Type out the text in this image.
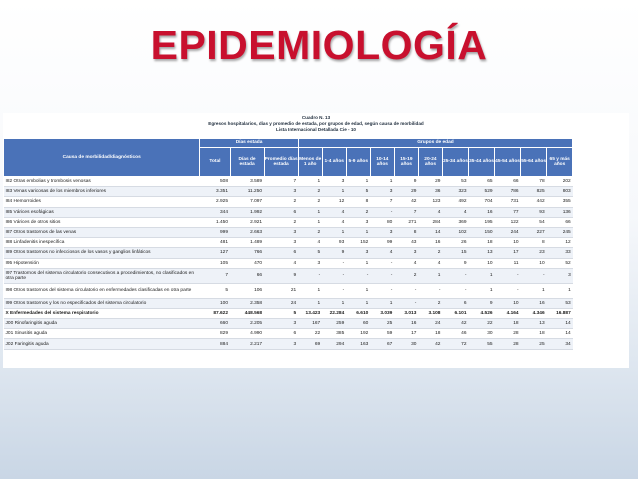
EPIDEMIOLOGÍA
Cuadro N. 13
Egresos hospitalarios, días y promedio de estada, por grupos de edad, según causa de morbilidad
Lista Internacional Detallada Cie - 10
Causa de morbilidad/diagnósticos	Días estada			Grupos de edad											
	Total	Días de estada	Promedio días estada	Menos de 1 año	1-4 años	5-9 años	10-14 años	15-19 años	20-24 años	25-34 años	35-44 años	45-54 años	55-64 años	65 y más años	
I82 Otras embolias y trombosis venosas	508	3.589	7	1	3	1	1	9	29	53	65	66	78	202	
I83 Venas varicosas de los miembros inferiores	3.351	11.250	3	2	1	5	3	29	36	323	529	786	825	803	
I84 Hemorroides	2.925	7.097	2	2	12	8	7	42	123	492	704	731	442	355	
I85 Várices esofágicas	344	1.992	6	1	4	2	-	7	4	4	16	77	93	136	
I86 Várices de otros sitios	1.450	2.921	2	1	4	3	80	271	284	369	195	122	54	66	
I87 Otros trastornos de las venas	999	2.663	3	2	1	1	3	8	14	102	150	244	227	245	
I88 Linfadenitis inespecífica	481	1.489	3	4	93	152	99	43	16	26	18	10	8	12	
I89 Otros trastornos no infecciosos de los vasos y ganglios linfáticos	127	766	6	5	9	3	4	3	2	15	13	17	23	33	
I95 Hipotensión	105	470	4	3	-	1	-	4	4	9	10	11	10	52	
I97 Trastornos del sistema circulatorio consecutivos a procedimientos, no clasificados en otra parte	7	66	9	-	-	-	-	2	1	-	1	-	-	3	
I98 Otros trastornos del sistema circulatorio en enfermedades clasificadas en otra parte	5	106	21	1	-	1	-	-	-	-	1	-	1	1	
I99 Otros trastornos y los no especificados del sistema circulatorio	100	2.358	24	1	1	1	1	-	2	6	9	10	16	53	
X Enfermedades del sistema respiratorio	87.622	448.568	5	13.423	22.284	6.610	3.039	3.013	3.108	6.101	4.526	4.164	4.346	16.887	
J00 Rinofaringitis aguda	660	2.205	3	167	259	60	25	16	24	42	22	18	13	14	
J01 Sinusitis aguda	829	4.990	6	22	385	192	59	17	18	46	30	28	18	14	
J02 Faringitis aguda	884	2.217	3	69	294	163	67	30	42	72	55	28	25	34	
